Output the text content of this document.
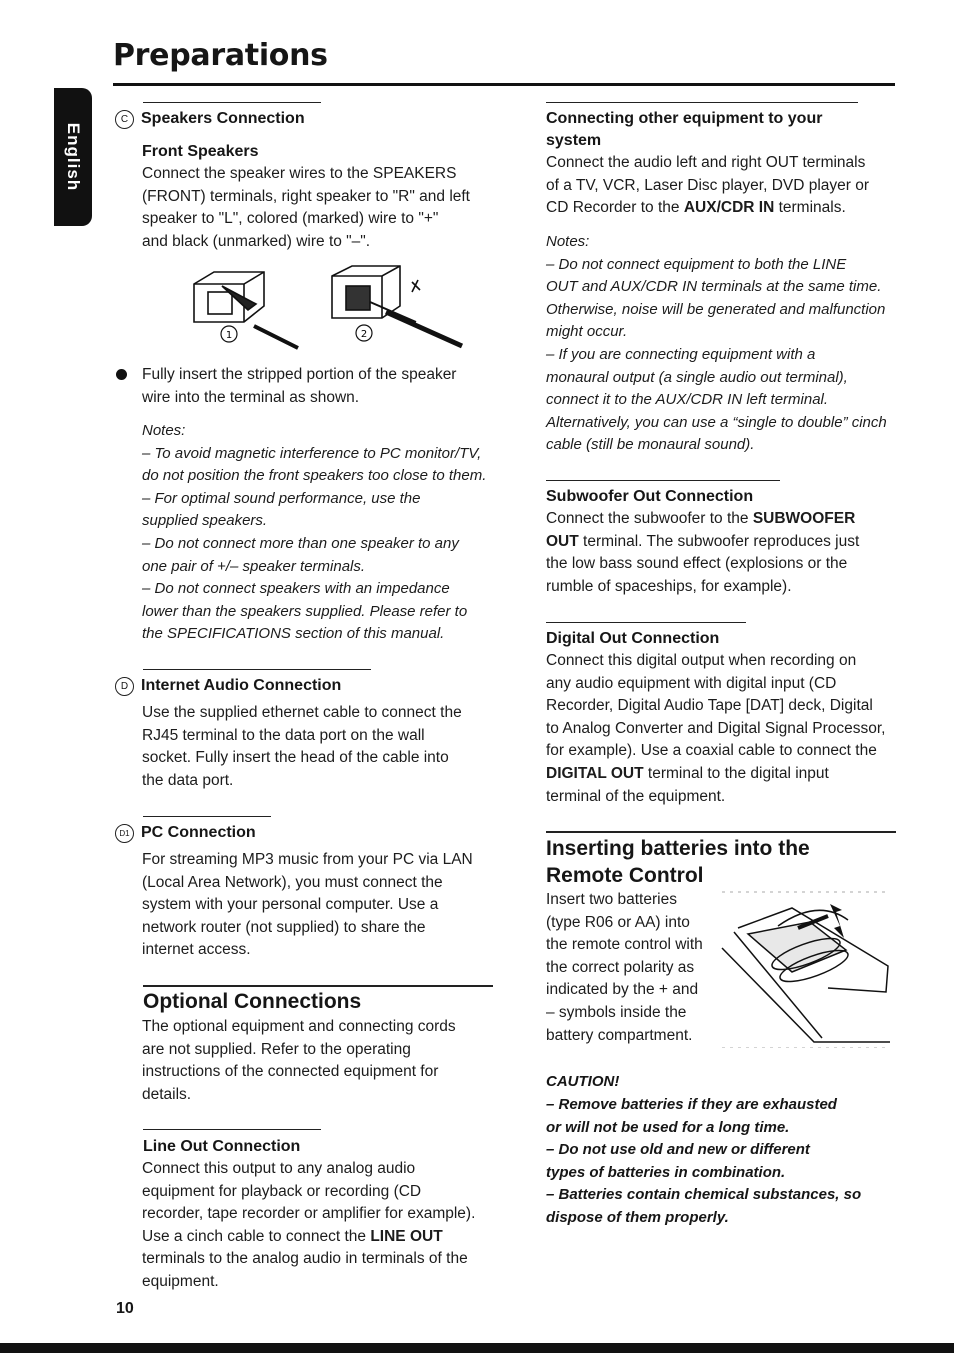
Preparations
English
C Speakers Connection
Front Speakers
Connect the speaker wires to the SPEAKERS
(FRONT) terminals, right speaker to "R" and left
speaker to "L", colored (marked) wire to "+"
and black (unmarked) wire to "–".
1	2
Fully insert the stripped portion of the speaker
wire into the terminal as shown.
Notes:
– To avoid magnetic interference to PC monitor/TV,
do not position the front speakers too close to them.
– For optimal sound performance, use the
supplied speakers.
– Do not connect more than one speaker to any
one pair of +/– speaker terminals.
– Do not connect speakers with an impedance
lower than the speakers supplied. Please refer to
the SPECIFICATIONS section of this manual.
D Internet Audio Connection
Use the supplied ethernet cable to connect the
RJ45 terminal to the data port on the wall
socket. Fully insert the head of the cable into
the data port.
D1 PC Connection
For streaming MP3 music from your PC via LAN
(Local Area Network), you must connect the
system with your personal computer. Use a
network router (not supplied) to share the
internet access.
Optional Connections
The optional equipment and connecting cords
are not supplied. Refer to the operating
instructions of the connected equipment for
details.
Line Out Connection
Connect this output to any analog audio
equipment for playback or recording (CD
recorder, tape recorder or amplifier for example).
Use a cinch cable to connect the LINE OUT
terminals to the analog audio in terminals of the
equipment.
Connecting other equipment to your
system
Connect the audio left and right OUT terminals
of a TV, VCR, Laser Disc player, DVD player or
CD Recorder to the AUX/CDR IN terminals.
Notes:
– Do not connect equipment to both the LINE
OUT and AUX/CDR IN terminals at the same time.
Otherwise, noise will be generated and malfunction
might occur.
– If you are connecting equipment with a
monaural output (a single audio out terminal),
connect it to the AUX/CDR IN left terminal.
Alternatively, you can use a “single to double” cinch
cable (still be monaural sound).
Subwoofer Out Connection
Connect the subwoofer to the SUBWOOFER
OUT terminal. The subwoofer reproduces just
the low bass sound effect (explosions or the
rumble of spaceships, for example).
Digital Out Connection
Connect this digital output when recording on
any audio equipment with digital input (CD
Recorder, Digital Audio Tape [DAT] deck, Digital
to Analog Converter and Digital Signal Processor,
for example). Use a coaxial cable to connect the
DIGITAL OUT terminal to the digital input
terminal of the equipment.
Inserting batteries into the
Remote Control
Insert two batteries
(type R06 or AA) into
the remote control with
the correct polarity as
indicated by the + and
– symbols inside the
battery compartment.
CAUTION!
– Remove batteries if they are exhausted
or will not be used for a long time.
– Do not use old and new or different
types of batteries in combination.
– Batteries contain chemical substances, so
dispose of them properly.
10
